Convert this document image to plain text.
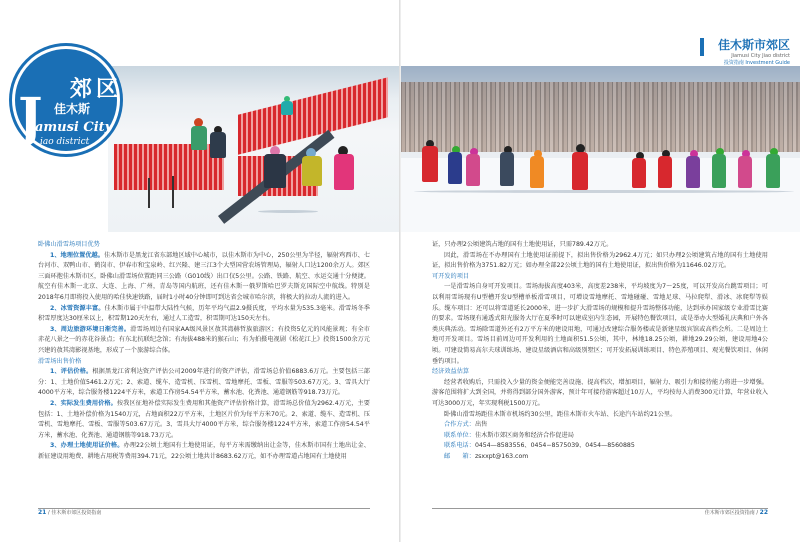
郊区
J 佳木斯
iamusi City
iao district

卧佛山滑雪场项目优势

1、地理位置优越。佳木斯市是黑龙江省东部地区域中心城市，以佳木斯市为中心，250公里为半径，辐射鸡西市、七台河市、双鸭山市、鹤岗市、伊春市和宝泉岭、红兴隆、建三江3个大型国营农场管理局，辐射人口达1200余万人。郊区三面环抱佳木斯市区，卧佛山滑雪场位置距同三公路（G010线）出口仅5公里。公路、铁路、航空、水运交通十分便捷。航空有佳木斯一北京、大连、上海、广州，青岛等国内航班，还有佳木斯一俄罗斯哈巴罗夫斯克国际空中航线。特别是2018年6月即将投入使用的哈佳快速铁路，届时1小时40分钟即可到达省会城市哈尔滨，将极大的拉动人流的进入。

2、冰雪资源丰富。佳木斯市属于中温带大陆性气候，历年平均气温2.9摄氏度，平均水量为535.3毫米。滑雪场冬季积雪厚度达30厘米以上，积雪期120天左右，通过人工造雪，积雪期可达150天左右。

3、周边旅游环境日渐完善。滑雪场周边有国家AA级风景区敖其湾赫哲族旅游区；有投资5亿元的风能景观；有全市赤花八景之一的赤花谷景点；有东北抗联纪念馆；有海拔488米的猴石山；有为拍摄电视剧《松花江上》投资1500余万元兴建的敖其湾影视基地，形成了一个旅游综合体。

滑雪场出售价格

1、评估价格。根据黑龙江省利达资产评估公司2009年进行的资产评估，滑雪场总价值6883.6万元。主要包括三部分：1、土地价值5461.2万元；2、索道、缆车、造雪机、压雪机、雪地摩托、雪板、雪服等503.67万元。3、雪具大厅4000平方米，综合服务楼1224平方米，索道工作房54.54平方米，蓄水池、化粪池、通道钢筋等918.73万元。

2、实际发生费用价格。按我区征地补偿实际发生费用和其他资产评估价格计算，滑雪场总价值为2962.4万元，主要包括：1、土地补偿价格为1540万元，占地面积22万平方米，土地区片价为每平方米70元。2、索道、缆车、造雪机、压雪机、雪地摩托、雪板、雪服等503.67万元。3、雪具大厅4000平方米，综合服务楼1224平方米，索道工作房54.54平方米，蓄水池、化粪池、通道钢筋等918.73万元。

3、办理土地使用证价格。办理22公顷土地国有土地使用证，每平方米需缴纳出让金等，佳木斯市国有土地出让金、新征建设用地费、耕地占用税等费用394.71元，22公顷土地共计8683.62万元，如不办理雪道占地国有土地使用

21 / 佳木斯市郊区投资指南
佳木斯市郊区
Jiamusi City Jiao district
投资指南 Investment Guide

证，只办理2公顷建筑占地的国有土地使用证，只需789.42万元。

因此，滑雪场在不办理国有土地使用证前提下，拟出售价格为2962.4万元；如只办理2公顷建筑占地的国有土地使用证，拟出售价格为3751.82万元；如办理全部22公顷土地的国有土地使用证，拟出售价格为11646.02万元。

可开发的项目

一是滑雪场自身可开发项目。雪场海拔高度403米，高度差238米，平均坡度为7～25度，可以开发高台跳雪项目；可以利用雪场现有U型槽开发U型槽单板滑雪项目，可增设雪地摩托、雪地碰碰、雪地足球、马拉爬犁、滑冰、冰爬犁等娱乐。缆车项目：还可以将雪道延长2000米，进一步扩大滑雪场的规模和提升雪场整体功能，达到承办国家级专业滑雪比赛的要求。雪场现有通透式阳光服务大厅在夏季时可以建成室内生态园，开展特色餐饮项目，或是举办大型婚礼庆典和户外各类庆典活动。雪场除雪道外还有2万平方米的建设用地，可通过改建综合服务楼或是新建星级宾馆或高档会所。二是周边土地可开发项目。雪场目前周边可开发利用的土地面积51.5公顷，其中，林地18.25公顷，耕地29.29公顷，建设用地4公顷。可建设简易高尔夫球训练场、建设星级酒店和高级别墅区；可开发拓展训练项目、特色养殖项目、观光餐饮项目、休闲垂钓项目。

经济效益估算

经营者收购后，只需投入少量的资金便能完善设施、提高档次，增加项目，辐射力、吸引力和接待能力将进一步增强。游客范围将扩大到全国，并将得到部分国外游客，预计年可接待游客超过10万人，平均按每人消费300元计算，年营业收入可达3000万元，年实现利税1500万元。

卧佛山滑雪场距佳木斯市机场约30公里，距佳木斯市火车站、长途汽车站约21公里。

合作方式：出售

联系单位：佳木斯市郊区商务和经济合作促进局

联系电话：0454—8583556、0454−8575039、0454—8560885

邮　　箱：zsxxpt@163.com

佳木斯市郊区投资指南 / 22
